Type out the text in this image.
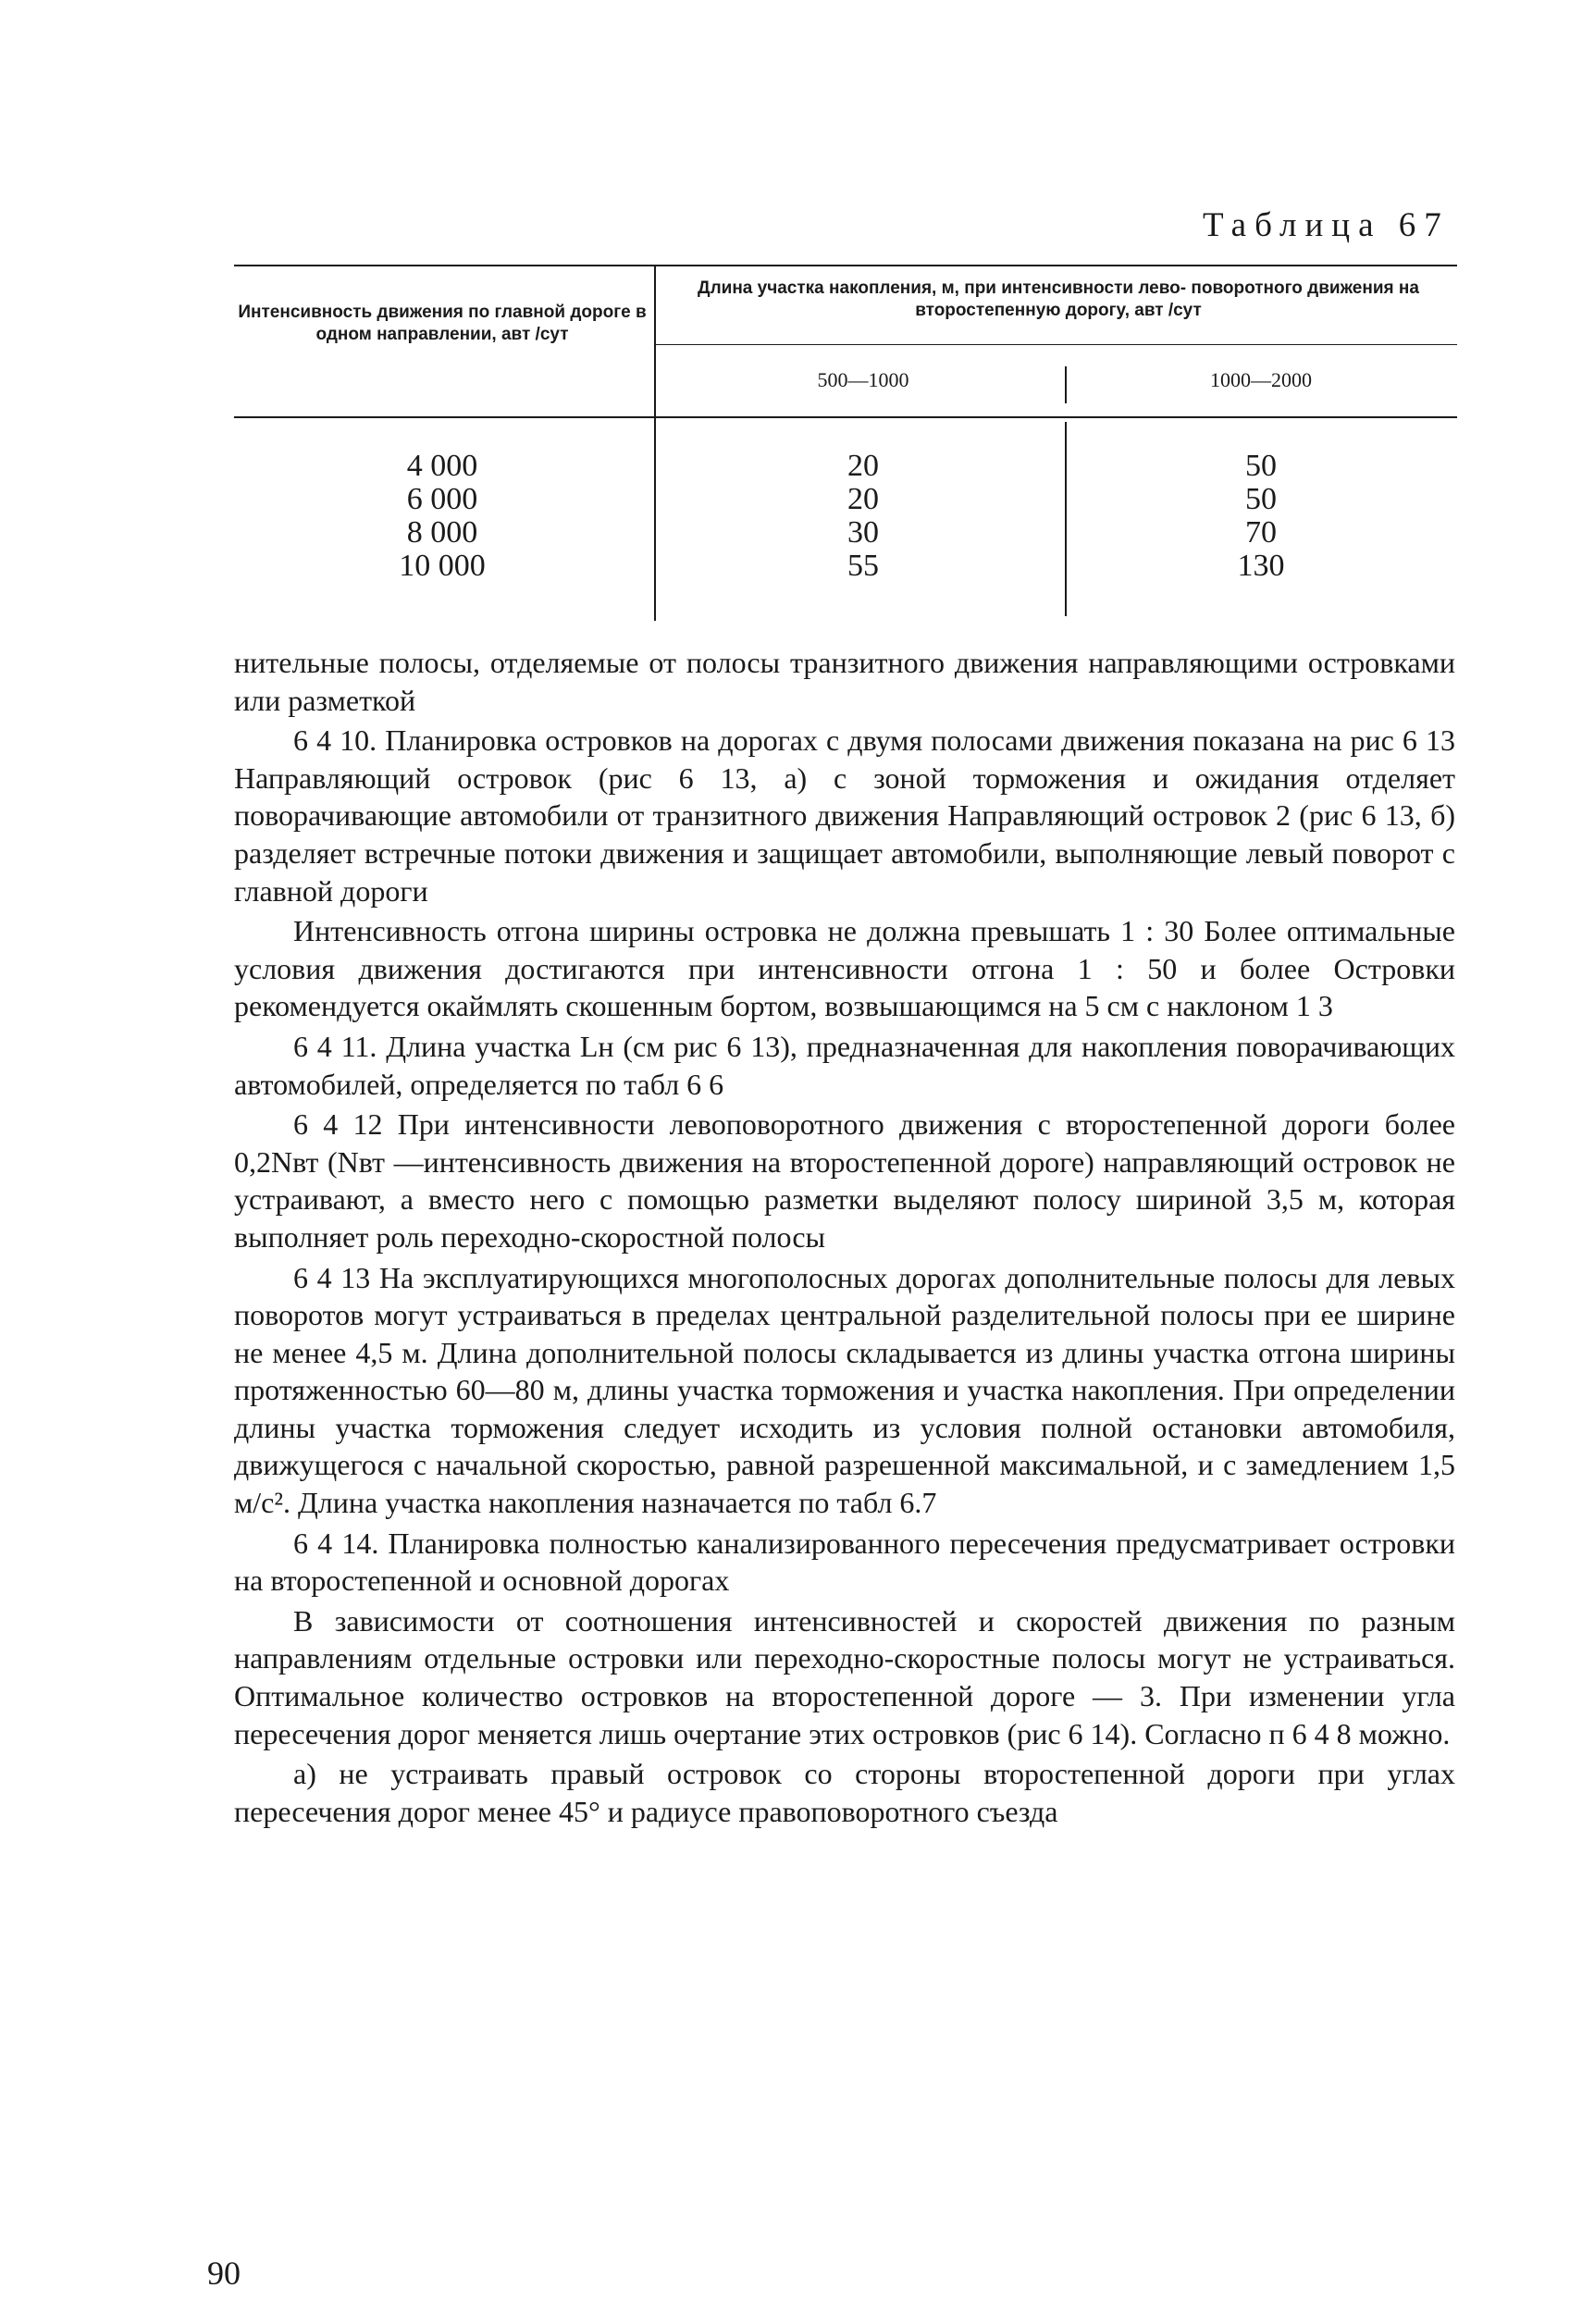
Таблица 67
Интенсивность движения по главной дороге в одном направлении, авт /сут
Длина участка накопления, м, при интенсивности лево- поворотного движения на второстепенную дорогу, авт /сут
500—1000	1000—2000
4 000
6 000
8 000
10 000
20
20
30
55
50
50
70
130

нительные полосы, отделяемые от полосы транзитного движения направляющими островками или разметкой

6 4 10. Планировка островков на дорогах с двумя полосами движения показана на рис 6 13 Направляющий островок (рис 6 13, а) с зоной торможения и ожидания отделяет поворачивающие автомобили от транзитного движения Направляющий островок 2 (рис 6 13, б) разделяет встречные потоки движения и защищает автомобили, выполняющие левый поворот с главной дороги

Интенсивность отгона ширины островка не должна превышать 1 : 30 Более оптимальные условия движения достигаются при интенсивности отгона 1 : 50 и более Островки рекомендуется окаймлять скошенным бортом, возвышающимся на 5 см с наклоном 1 3

6 4 11. Длина участка Lн (см рис 6 13), предназначенная для накопления поворачивающих автомобилей, определяется по табл 6 6

6 4 12 При интенсивности левоповоротного движения с второстепенной дороги более 0,2Nвт (Nвт —интенсивность движения на второстепенной дороге) направляющий островок не устраивают, а вместо него с помощью разметки выделяют полосу шириной 3,5 м, которая выполняет роль переходно-скоростной полосы

6 4 13 На эксплуатирующихся многополосных дорогах дополнительные полосы для левых поворотов могут устраиваться в пределах центральной разделительной полосы при ее ширине не менее 4,5 м. Длина дополнительной полосы складывается из длины участка отгона ширины протяженностью 60—80 м, длины участка торможения и участка накопления. При определении длины участка торможения следует исходить из условия полной остановки автомобиля, движущегося с начальной скоростью, равной разрешенной максимальной, и с замедлением 1,5 м/с². Длина участка накопления назначается по табл 6.7

6 4 14. Планировка полностью канализированного пересечения предусматривает островки на второстепенной и основной дорогах

В зависимости от соотношения интенсивностей и скоростей движения по разным направлениям отдельные островки или переходно-скоростные полосы могут не устраиваться. Оптимальное количество островков на второстепенной дороге — 3. При изменении угла пересечения дорог меняется лишь очертание этих островков (рис 6 14). Согласно п 6 4 8 можно.

а) не устраивать правый островок со стороны второстепенной дороги при углах пересечения дорог менее 45° и радиусе правоповоротного съезда

90
